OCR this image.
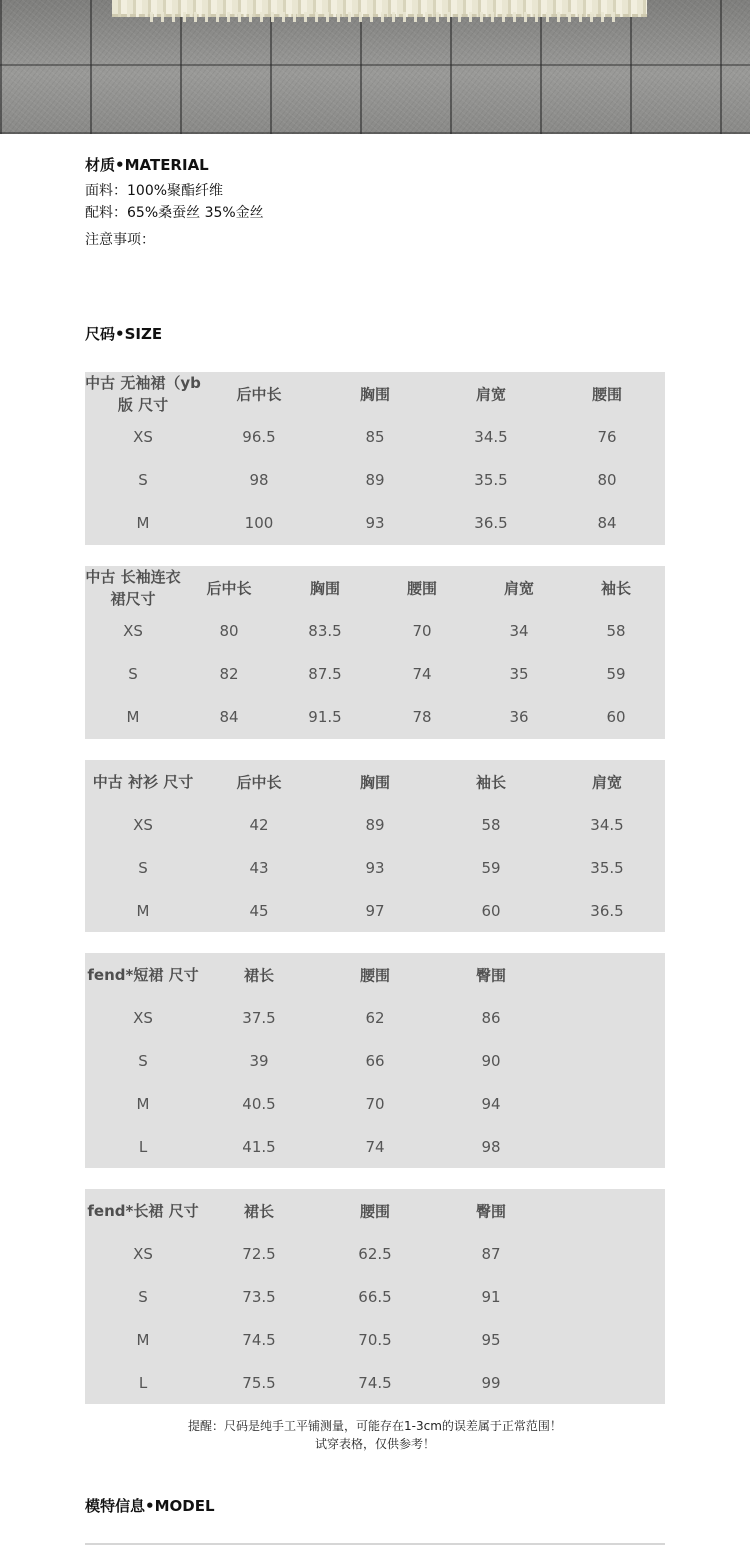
材质•MATERIAL
面料：100%聚酯纤维
配料：65%桑蚕丝 35%金丝
注意事项：
尺码•SIZE
中古 无袖裙（yb版 尺寸
后中长	胸围	肩宽	腰围
XS	96.5	85	34.5	76
S	98	89	35.5	80
M	100	93	36.5	84
中古 长袖连衣裙尺寸
后中长	胸围	腰围	肩宽	袖长
XS	80	83.5	70	34	58
S	82	87.5	74	35	59
M	84	91.5	78	36	60
中古 衬衫 尺寸	后中长	胸围	袖长	肩宽
XS	42	89	58	34.5
S	43	93	59	35.5
M	45	97	60	36.5
fend*短裙 尺寸	裙长	腰围	臀围
XS	37.5	62	86
S	39	66	90
M	40.5	70	94
L	41.5	74	98
fend*长裙 尺寸	裙长	腰围	臀围
XS	72.5	62.5	87
S	73.5	66.5	91
M	74.5	70.5	95
L	75.5	74.5	99
提醒：尺码是纯手工平铺测量，可能存在1-3cm的误差属于正常范围！
试穿表格，仅供参考！
模特信息•MODEL
